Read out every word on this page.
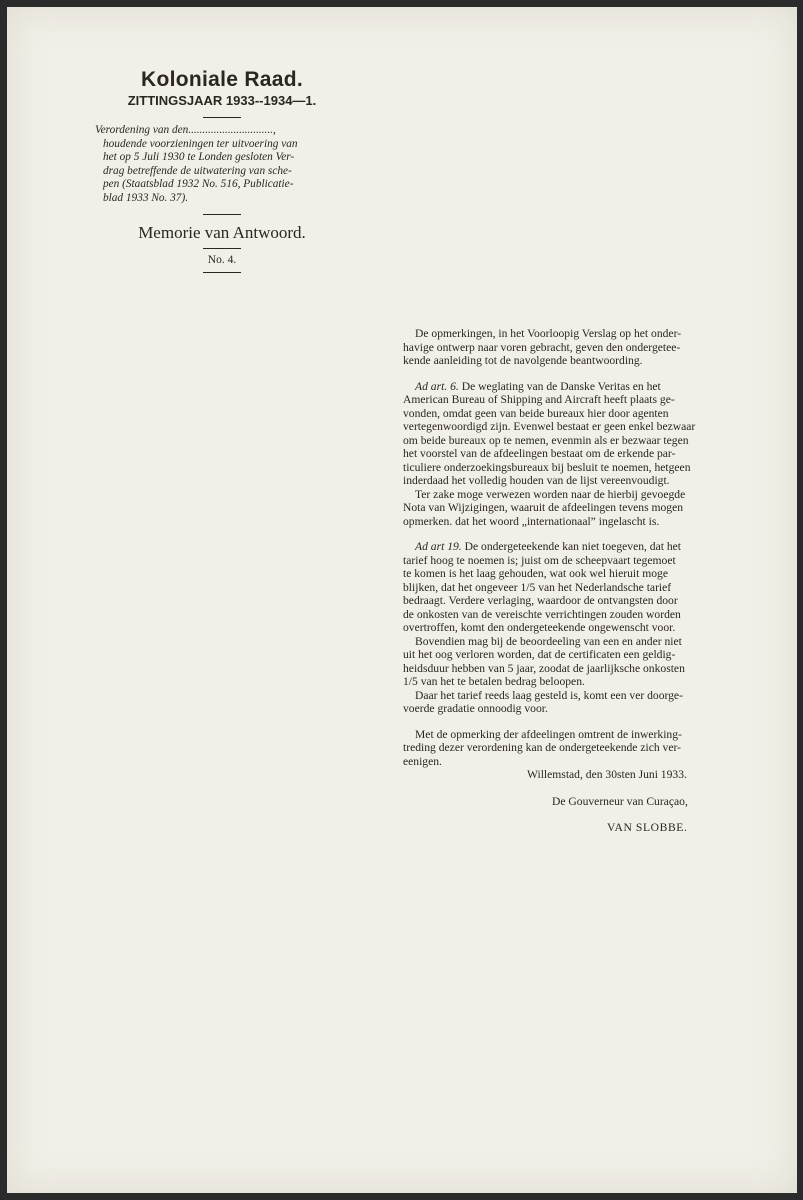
Koloniale Raad.

ZITTINGSJAAR 1933--1934—1.

Verordening van den..............................,
houdende voorzieningen ter uitvoering van
het op 5 Juli 1930 te Londen gesloten Ver-
drag betreffende de uitwatering van sche-
pen (Staatsblad 1932 No. 516, Publicatie-
blad 1933 No. 37).

Memorie van Antwoord.

No. 4.

De opmerkingen, in het Voorloopig Verslag op het onder-
havige ontwerp naar voren gebracht, geven den ondergetee-
kende aanleiding tot de navolgende beantwoording.

Ad art. 6. De weglating van de Danske Veritas en het
American Bureau of Shipping and Aircraft heeft plaats ge-
vonden, omdat geen van beide bureaux hier door agenten
vertegenwoordigd zijn. Evenwel bestaat er geen enkel bezwaar
om beide bureaux op te nemen, evenmin als er bezwaar tegen
het voorstel van de afdeelingen bestaat om de erkende par-
ticuliere onderzoekingsbureaux bij besluit te noemen, hetgeen
inderdaad het volledig houden van de lijst vereenvoudigt.

Ter zake moge verwezen worden naar de hierbij gevoegde
Nota van Wijzigingen, waaruit de afdeelingen tevens mogen
opmerken. dat het woord „internationaal” ingelascht is.

Ad art 19. De ondergeteekende kan niet toegeven, dat het
tarief hoog te noemen is; juist om de scheepvaart tegemoet
te komen is het laag gehouden, wat ook wel hieruit moge
blijken, dat het ongeveer 1/5 van het Nederlandsche tarief
bedraagt. Verdere verlaging, waardoor de ontvangsten door
de onkosten van de vereischte verrichtingen zouden worden
overtroffen, komt den ondergeteekende ongewenscht voor.

Bovendien mag bij de beoordeeling van een en ander niet
uit het oog verloren worden, dat de certificaten een geldig-
heidsduur hebben van 5 jaar, zoodat de jaarlijksche onkosten
1/5 van het te betalen bedrag beloopen.

Daar het tarief reeds laag gesteld is, komt een ver doorge-
voerde gradatie onnoodig voor.

Met de opmerking der afdeelingen omtrent de inwerking-
treding dezer verordening kan de ondergeteekende zich ver-
eenigen.

Willemstad, den 30sten Juni 1933.
De Gouverneur van Curaçao,
VAN SLOBBE.
